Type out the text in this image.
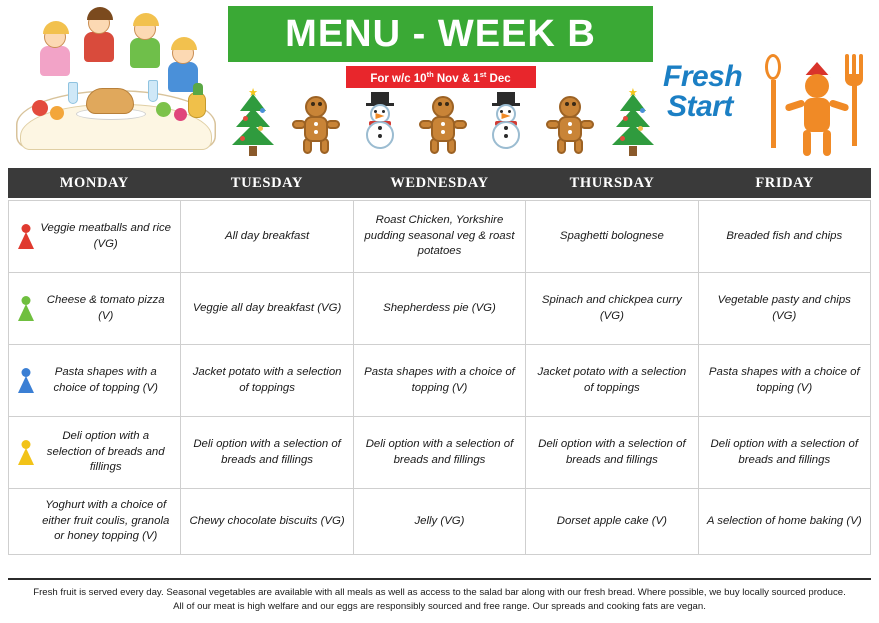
MENU - WEEK B
For w/c 10th Nov & 1st Dec
★	★ Fresh
Start
MONDAY	TUESDAY	WEDNESDAY	THURSDAY	FRIDAY
Veggie meatballs and rice (VG)	All day breakfast	Roast Chicken, Yorkshire pudding seasonal veg & roast potatoes	Spaghetti bolognese	Breaded fish and chips

Cheese & tomato pizza (V)	Veggie all day breakfast (VG)	Shepherdess pie (VG)	Spinach and chickpea curry (VG)	Vegetable pasty and chips (VG)

Pasta shapes with a choice of topping (V)	Jacket potato with a selection of toppings	Pasta shapes with a choice of topping (V)	Jacket potato with a selection of toppings	Pasta shapes with a choice of topping (V)

Deli option with a selection of breads and fillings	Deli option with a selection of breads and fillings	Deli option with a selection of breads and fillings	Deli option with a selection of breads and fillings	Deli option with a selection of breads and fillings
Yoghurt with a choice of either fruit coulis, granola or honey topping (V)	Chewy chocolate biscuits (VG)	Jelly (VG)	Dorset apple cake (V)	A selection of home baking (V)
Fresh fruit is served every day. Seasonal vegetables are available with all meals as well as access to the salad bar along with our fresh bread. Where possible, we buy locally sourced produce.
All of our meat is high welfare and our eggs are responsibly sourced and free range. Our spreads and cooking fats are vegan.
